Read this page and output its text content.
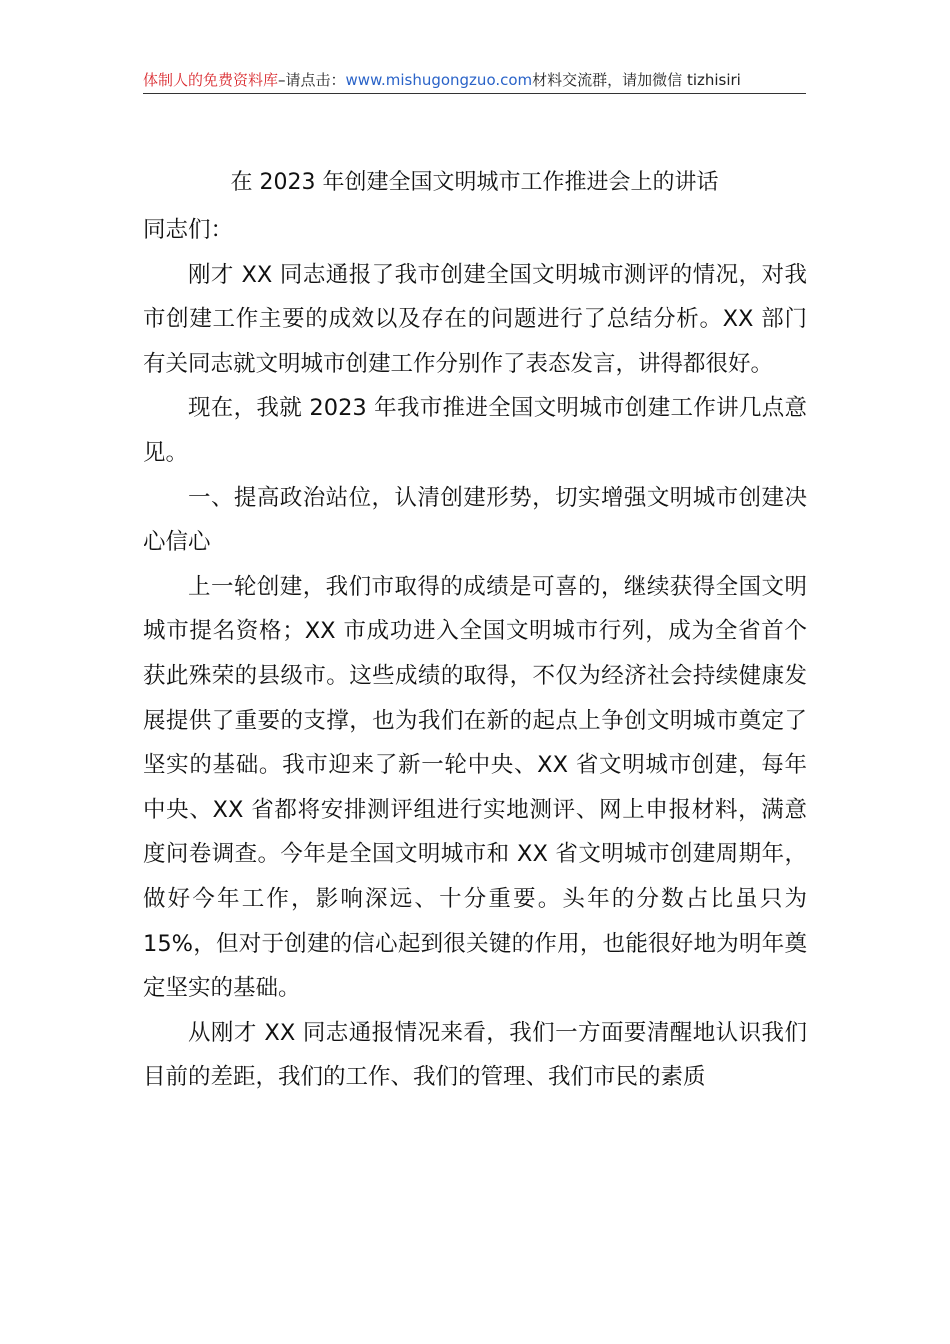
体制人的免费资料库–请点击：www.mishugongzuo.com材料交流群，请加微信 tizhisiri
在 2023 年创建全国文明城市工作推进会上的讲话

同志们：

刚才 XX 同志通报了我市创建全国文明城市测评的情况，对我市创建工作主要的成效以及存在的问题进行了总结分析。XX 部门有关同志就文明城市创建工作分别作了表态发言，讲得都很好。

现在，我就 2023 年我市推进全国文明城市创建工作讲几点意见。

一、提高政治站位，认清创建形势，切实增强文明城市创建决心信心

上一轮创建，我们市取得的成绩是可喜的，继续获得全国文明城市提名资格；XX 市成功进入全国文明城市行列，成为全省首个获此殊荣的县级市。这些成绩的取得，不仅为经济社会持续健康发展提供了重要的支撑，也为我们在新的起点上争创文明城市奠定了坚实的基础。我市迎来了新一轮中央、XX 省文明城市创建，每年中央、XX 省都将安排测评组进行实地测评、网上申报材料，满意度问卷调查。今年是全国文明城市和 XX 省文明城市创建周期年，做好今年工作，影响深远、十分重要。头年的分数占比虽只为 15%，但对于创建的信心起到很关键的作用，也能很好地为明年奠定坚实的基础。

从刚才 XX 同志通报情况来看，我们一方面要清醒地认识我们目前的差距，我们的工作、我们的管理、我们市民的素质
